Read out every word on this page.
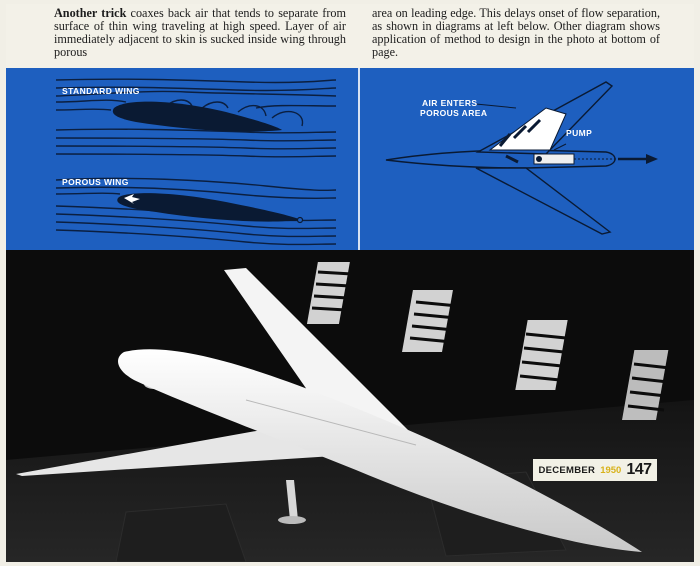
Another trick coaxes back air that tends to separate from surface of thin wing traveling at high speed. Layer of air immediately adjacent to skin is sucked inside wing through porous
area on leading edge. This delays onset of flow separation, as shown in diagrams at left below. Other diagram shows application of method to design in the photo at bottom of page.
STANDARD WING
POROUS WING
AIR ENTERS
POROUS AREA
PUMP
DECEMBER 1950 147
